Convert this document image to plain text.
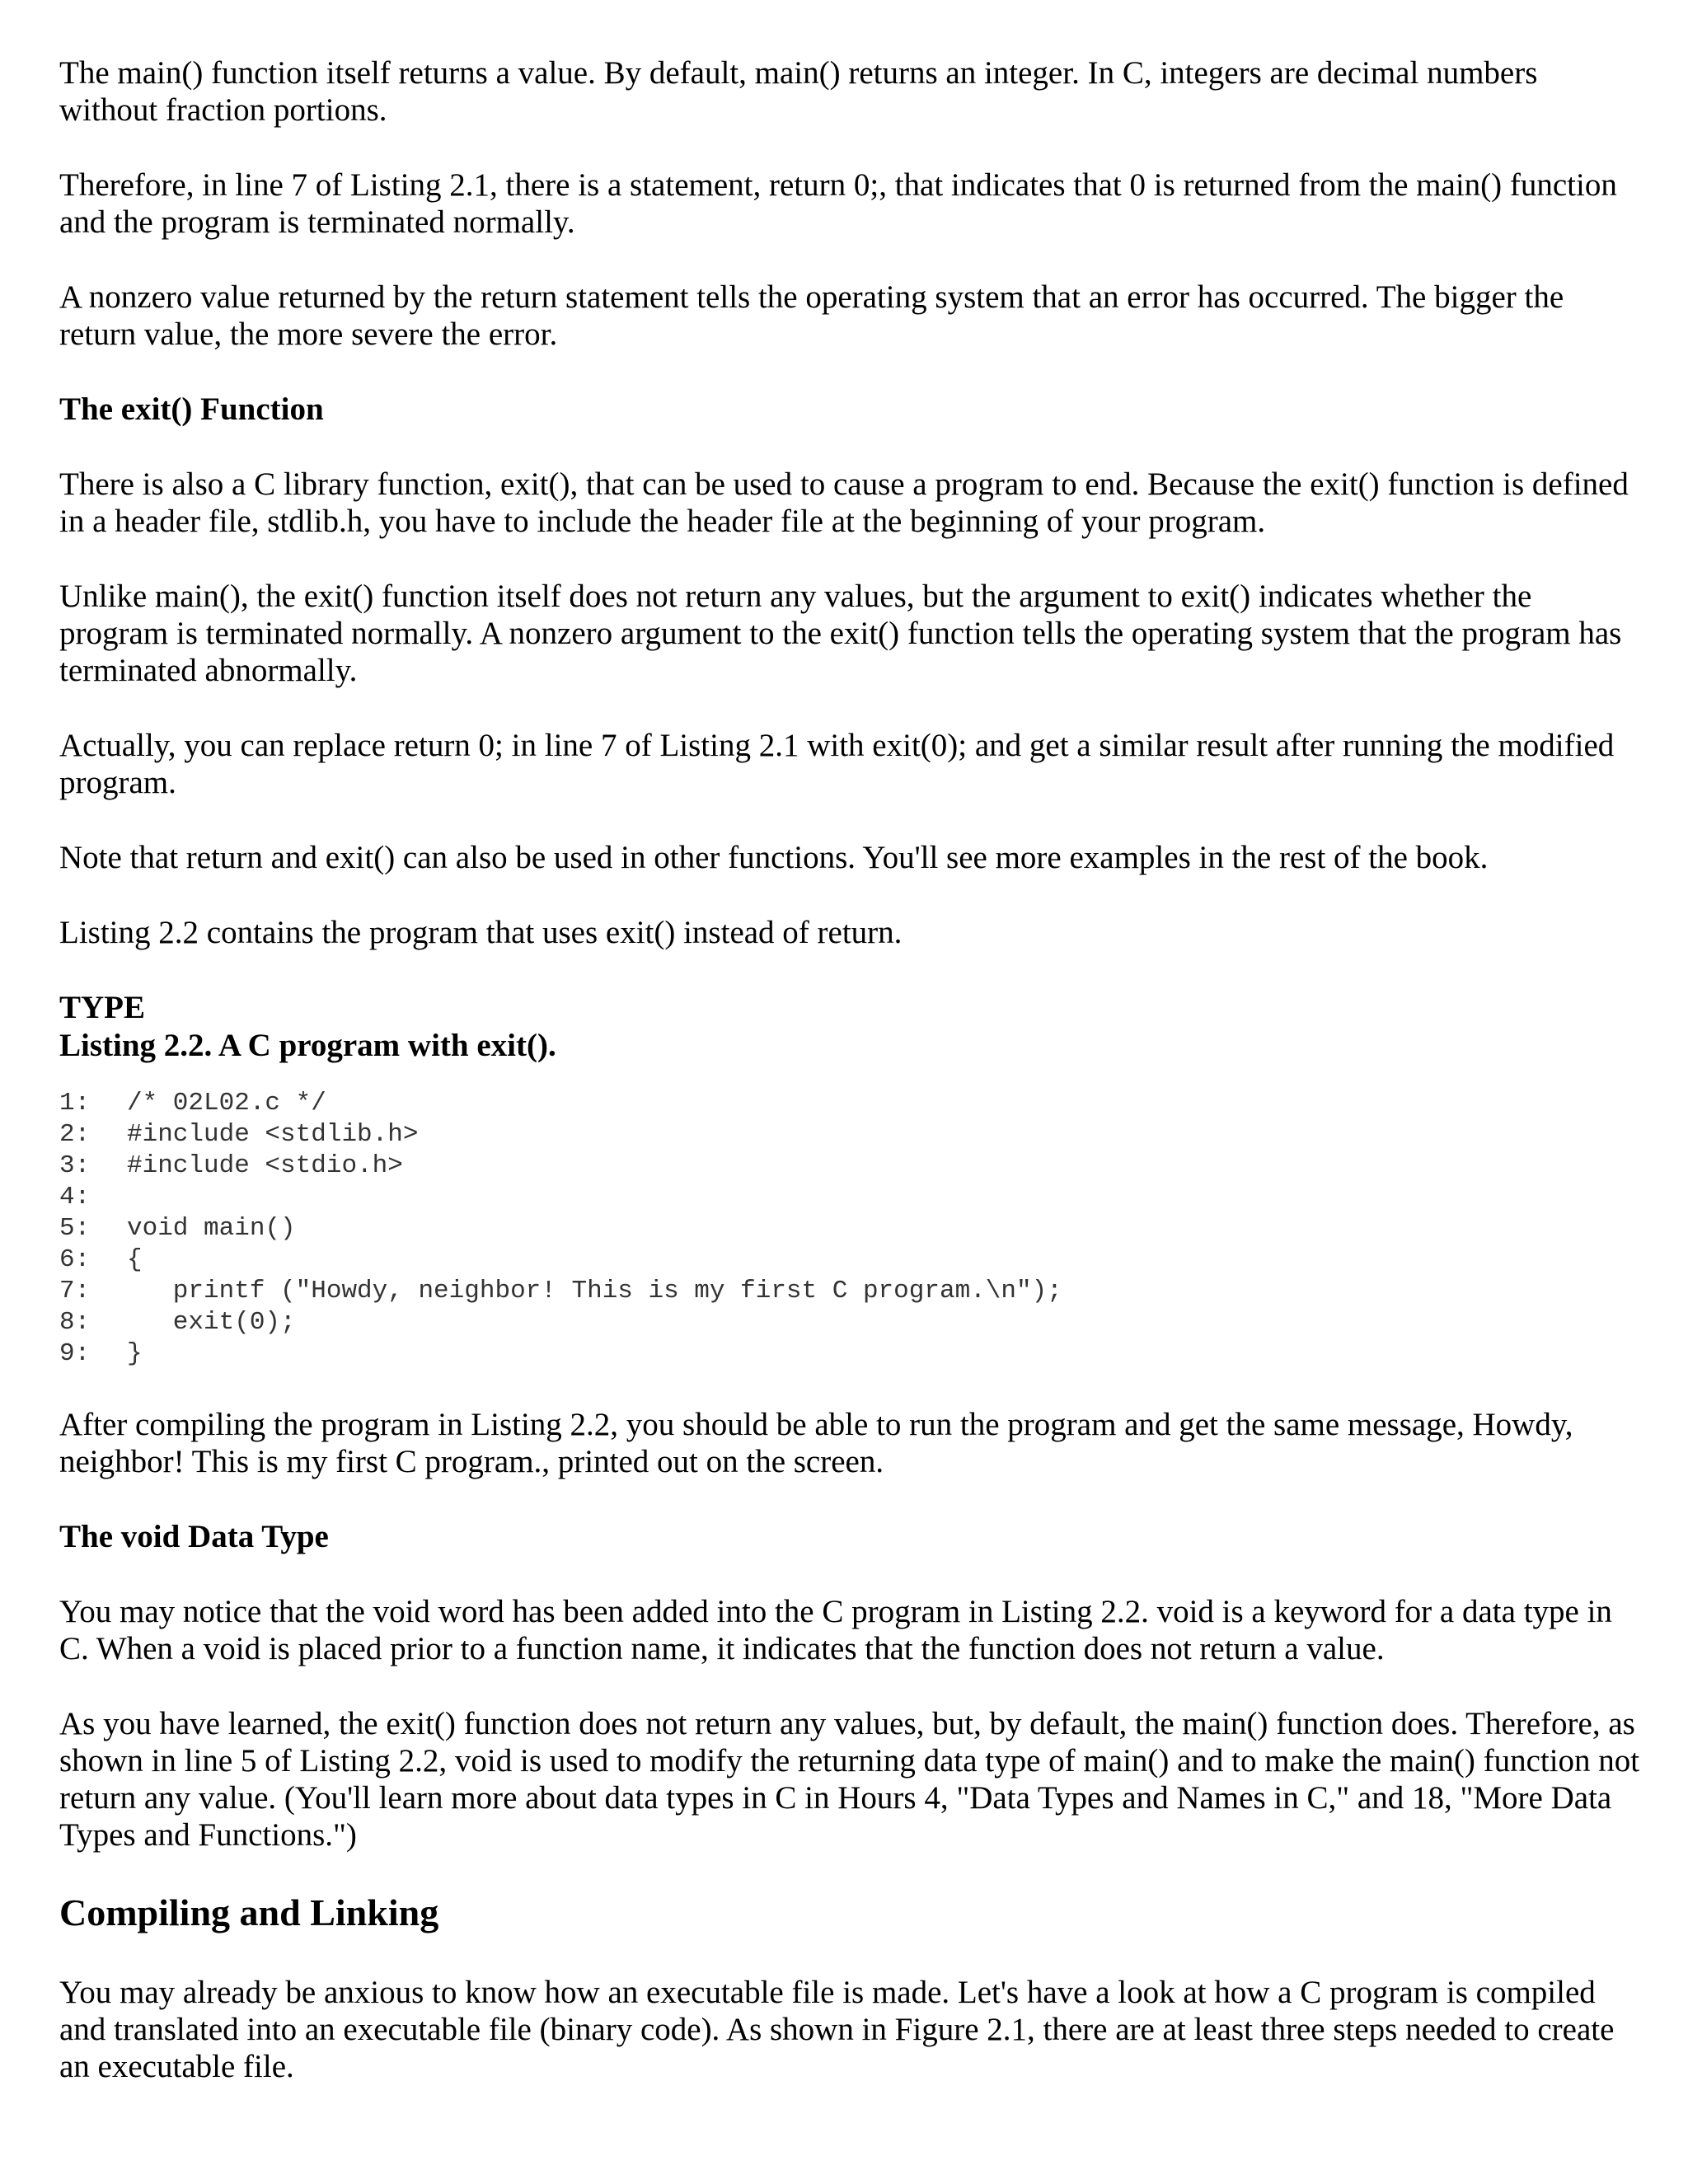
The main() function itself returns a value. By default, main() returns an integer. In C, integers are decimal numbers without fraction portions.

Therefore, in line 7 of Listing 2.1, there is a statement, return 0;, that indicates that 0 is returned from the main() function and the program is terminated normally.

A nonzero value returned by the return statement tells the operating system that an error has occurred. The bigger the return value, the more severe the error.

The exit() Function

There is also a C library function, exit(), that can be used to cause a program to end. Because the exit() function is defined in a header file, stdlib.h, you have to include the header file at the beginning of your program.

Unlike main(), the exit() function itself does not return any values, but the argument to exit() indicates whether the program is terminated normally. A nonzero argument to the exit() function tells the operating system that the program has terminated abnormally.

Actually, you can replace return 0; in line 7 of Listing 2.1 with exit(0); and get a similar result after running the modified program.

Note that return and exit() can also be used in other functions. You'll see more examples in the rest of the book.

Listing 2.2 contains the program that uses exit() instead of return.

TYPE
Listing 2.2. A C program with exit().
1:	/* 02L02.c */
2:	#include <stdlib.h>
3:	#include <stdio.h>
4:
5:	void main()
6:	{
7:	printf ("Howdy, neighbor! This is my first C program.\n");
8:	exit(0);
9:	}

After compiling the program in Listing 2.2, you should be able to run the program and get the same message, Howdy, neighbor! This is my first C program., printed out on the screen.

The void Data Type

You may notice that the void word has been added into the C program in Listing 2.2. void is a keyword for a data type in C. When a void is placed prior to a function name, it indicates that the function does not return a value.

As you have learned, the exit() function does not return any values, but, by default, the main() function does. Therefore, as shown in line 5 of Listing 2.2, void is used to modify the returning data type of main() and to make the main() function not return any value. (You'll learn more about data types in C in Hours 4, "Data Types and Names in C," and 18, "More Data Types and Functions.")

Compiling and Linking

You may already be anxious to know how an executable file is made. Let's have a look at how a C program is compiled and translated into an executable file (binary code). As shown in Figure 2.1, there are at least three steps needed to create an executable file.
